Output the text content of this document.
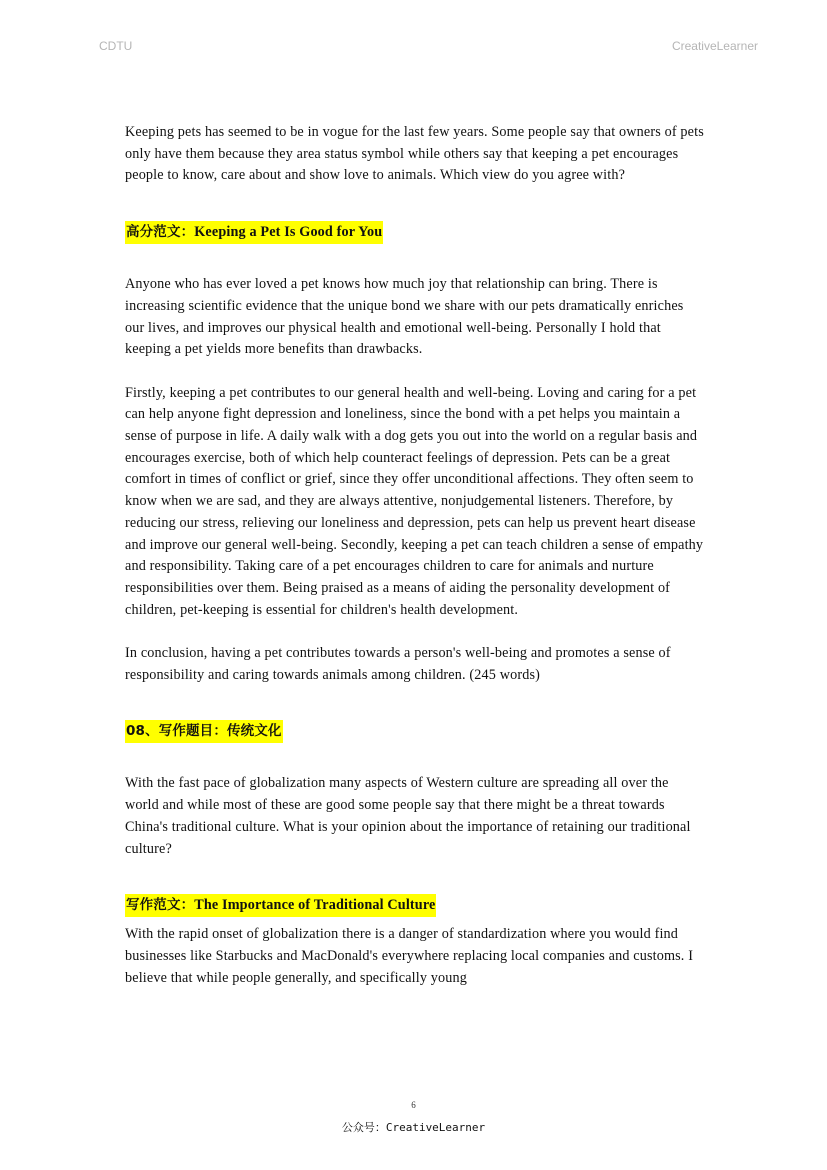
CDTU	CreativeLearner

Keeping pets has seemed to be in vogue for the last few years. Some people say that owners of pets only have them because they area status symbol while others say that keeping a pet encourages people to know, care about and show love to animals. Which view do you agree with?

高分范文：Keeping a Pet Is Good for You

Anyone who has ever loved a pet knows how much joy that relationship can bring. There is increasing scientific evidence that the unique bond we share with our pets dramatically enriches our lives, and improves our physical health and emotional well-being. Personally I hold that keeping a pet yields more benefits than drawbacks.

Firstly, keeping a pet contributes to our general health and well-being. Loving and caring for a pet can help anyone fight depression and loneliness, since the bond with a pet helps you maintain a sense of purpose in life. A daily walk with a dog gets you out into the world on a regular basis and encourages exercise, both of which help counteract feelings of depression. Pets can be a great comfort in times of conflict or grief, since they offer unconditional affections. They often seem to know when we are sad, and they are always attentive, nonjudgemental listeners. Therefore, by reducing our stress, relieving our loneliness and depression, pets can help us prevent heart disease and improve our general well-being. Secondly, keeping a pet can teach children a sense of empathy and responsibility. Taking care of a pet encourages children to care for animals and nurture responsibilities over them. Being praised as a means of aiding the personality development of children, pet-keeping is essential for children's health development.

In conclusion, having a pet contributes towards a person's well-being and promotes a sense of responsibility and caring towards animals among children. (245 words)

08、写作题目：传统文化

With the fast pace of globalization many aspects of Western culture are spreading all over the world and while most of these are good some people say that there might be a threat towards China's traditional culture. What is your opinion about the importance of retaining our traditional culture?

写作范文：The Importance of Traditional Culture

With the rapid onset of globalization there is a danger of standardization where you would find businesses like Starbucks and MacDonald's everywhere replacing local companies and customs. I believe that while people generally, and specifically young

6
公众号：CreativeLearner
